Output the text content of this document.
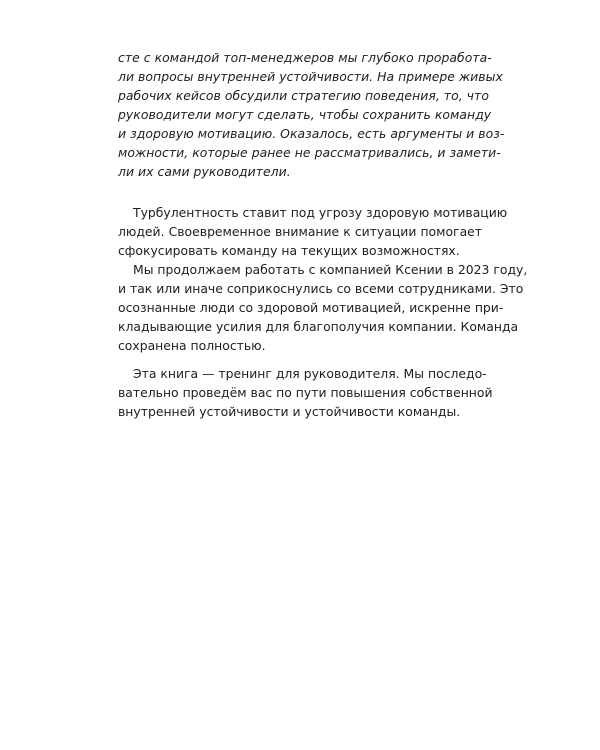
сте с командой топ-менеджеров мы глубоко проработа-
ли вопросы внутренней устойчивости. На примере живых
рабочих кейсов обсудили стратегию поведения, то, что
руководители могут сделать, чтобы сохранить команду
и здоровую мотивацию. Оказалось, есть аргументы и воз-
можности, которые ранее не рассматривались, и замети-
ли их сами руководители.
Турбулентность ставит под угрозу здоровую мотивацию
людей. Своевременное внимание к ситуации помогает
сфокусировать команду на текущих возможностях.
Мы продолжаем работать с компанией Ксении в 2023 году,
и так или иначе соприкоснулись со всеми сотрудниками. Это
осознанные люди со здоровой мотивацией, искренне при-
кладывающие усилия для благополучия компании. Команда
сохранена полностью.
Эта книга — тренинг для руководителя. Мы последо-
вательно проведём вас по пути повышения собственной
внутренней устойчивости и устойчивости команды.
